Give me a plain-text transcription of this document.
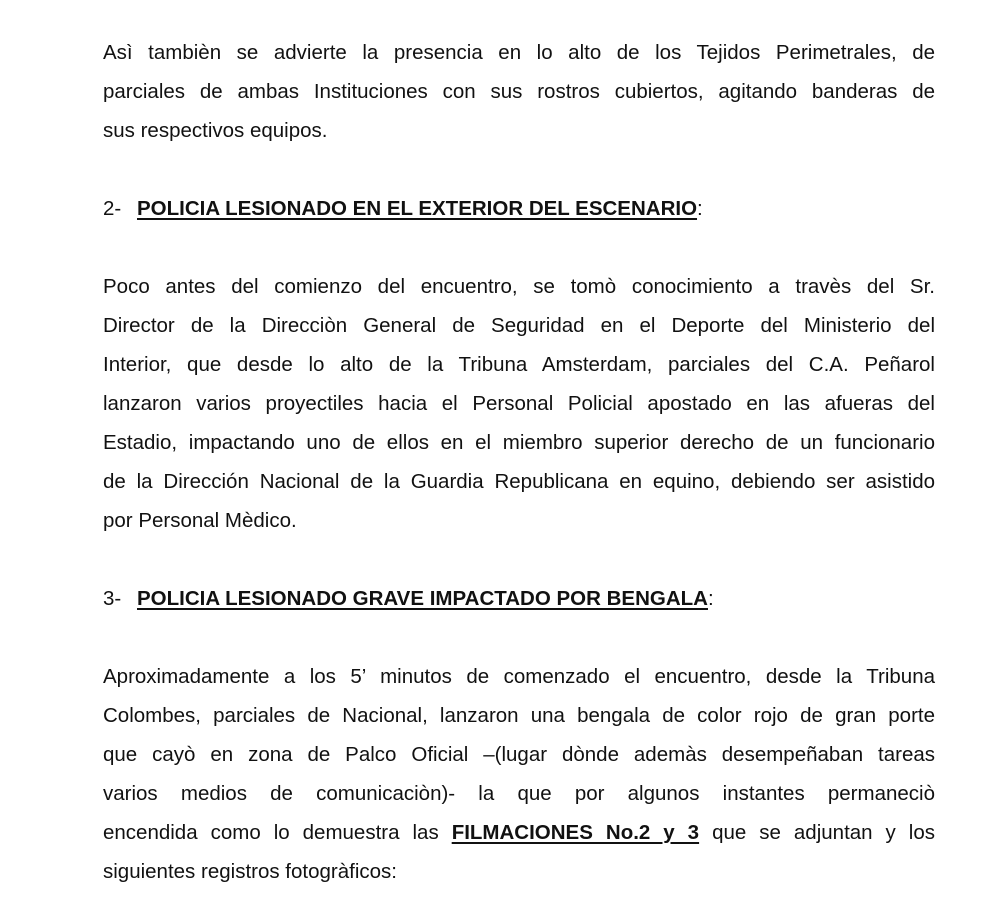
Asì tambièn se advierte la presencia en lo alto de los Tejidos Perimetrales, de
parciales de ambas Instituciones con sus rostros cubiertos, agitando banderas de
sus respectivos equipos.

2- POLICIA LESIONADO EN EL EXTERIOR DEL ESCENARIO:

Poco antes del comienzo del encuentro, se tomò conocimiento a travès del Sr.
Director de la Direcciòn General de Seguridad en el Deporte del Ministerio del
Interior, que desde lo alto de la Tribuna Amsterdam, parciales del C.A. Peñarol
lanzaron varios proyectiles hacia el Personal Policial apostado en las afueras del
Estadio, impactando uno de ellos en el miembro superior derecho de un funcionario
de la Dirección Nacional de la Guardia Republicana en equino, debiendo ser asistido
por Personal Mèdico.

3- POLICIA LESIONADO GRAVE IMPACTADO POR BENGALA:

Aproximadamente a los 5’ minutos de comenzado el encuentro, desde la Tribuna
Colombes, parciales de Nacional, lanzaron una bengala de color rojo de gran porte
que cayò en zona de Palco Oficial –(lugar dònde ademàs desempeñaban tareas
varios medios de comunicaciòn)- la que por algunos instantes permaneciò
encendida como lo demuestra las FILMACIONES No.2 y 3 que se adjuntan y los
siguientes registros fotogràficos:
